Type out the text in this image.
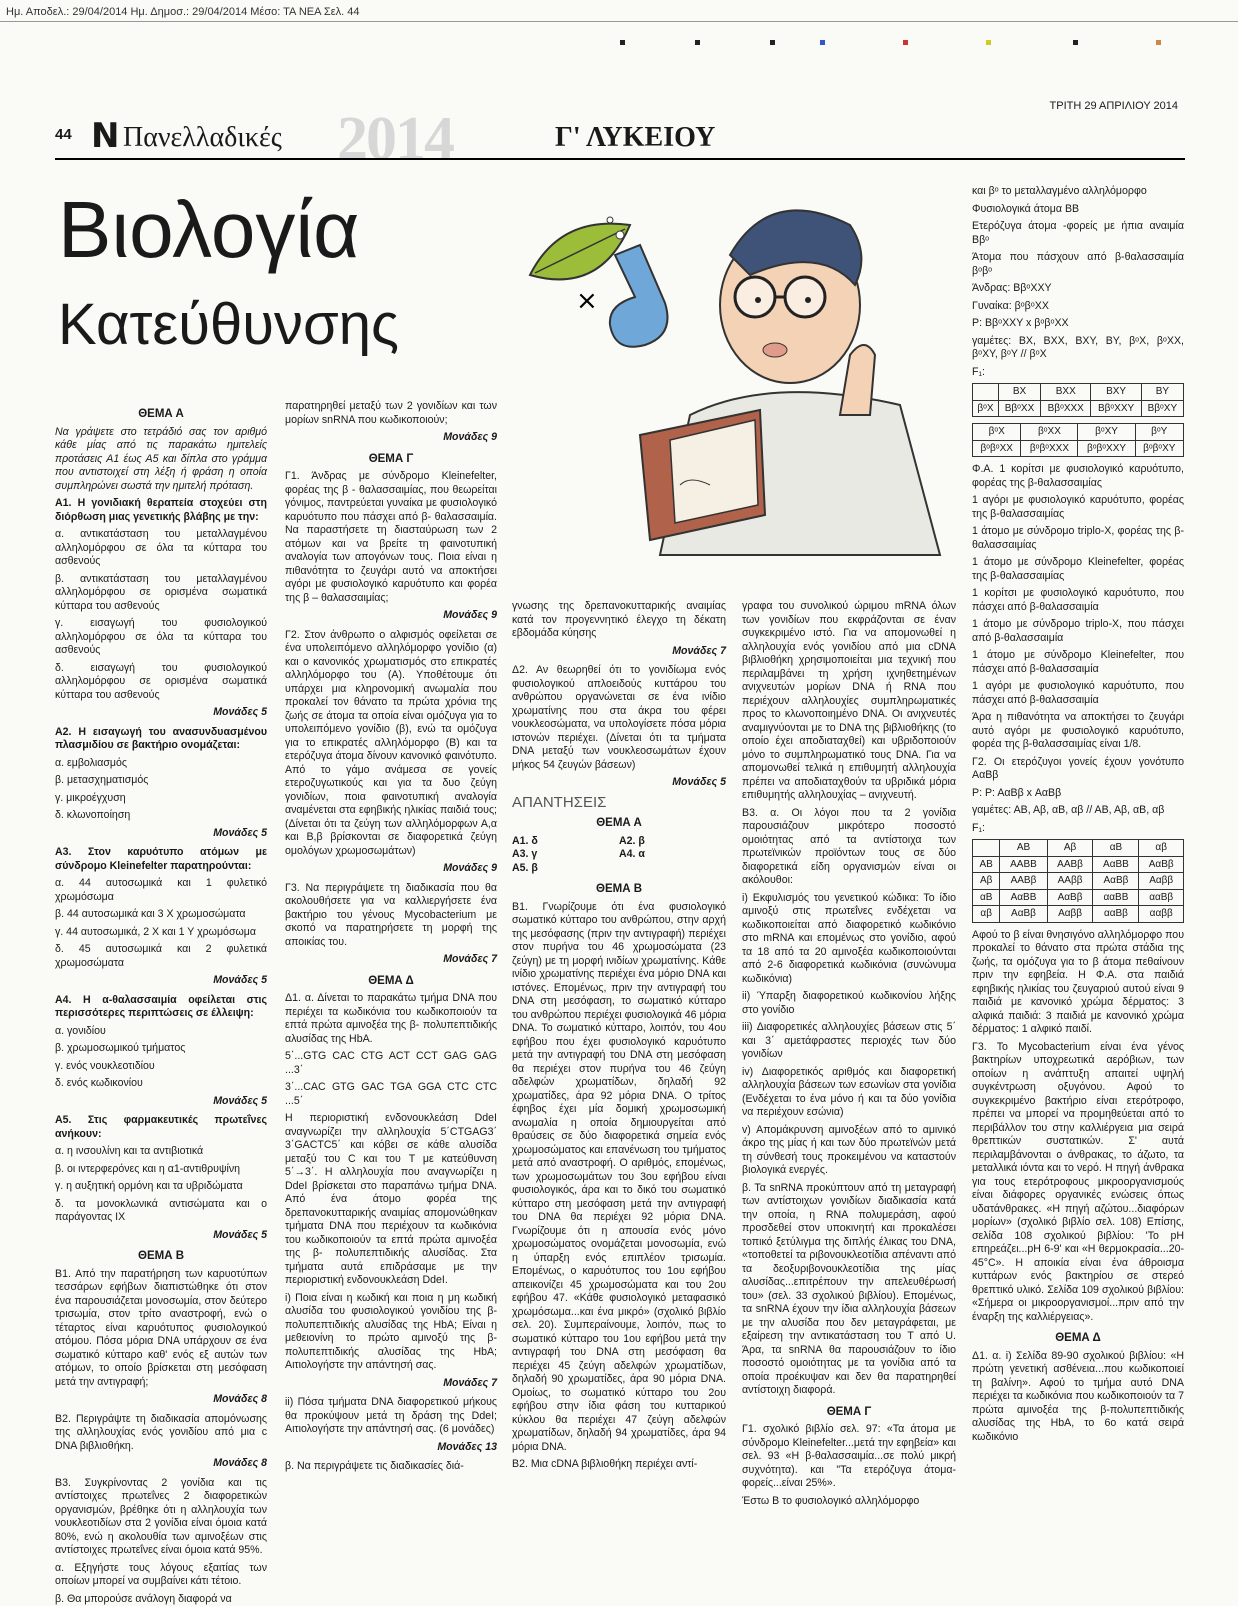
Ημ. Αποδελ.: 29/04/2014 Ημ. Δημοσ.: 29/04/2014 Μέσο: ΤΑ ΝΕΑ Σελ. 44
ΤΡΙΤΗ 29 ΑΠΡΙΛΙΟΥ 2014
44 Ν Πανελλαδικές 2014	Γ' ΛΥΚΕΙΟΥ
Βιολογία
Κατεύθυνσης	×
ΘΕΜΑ Α

Να γράψετε στο τετράδιό σας τον αριθμό κάθε μίας από τις παρακάτω ημιτελείς προτάσεις Α1 έως Α5 και δίπλα στο γράμμα που αντιστοιχεί στη λέξη ή φράση η οποία συμπληρώνει σωστά την ημιτελή πρόταση.

Α1. Η γονιδιακή θεραπεία στοχεύει στη διόρθωση μιας γενετικής βλάβης με την:

α. αντικατάσταση του μεταλλαγμένου αλληλομόρφου σε όλα τα κύτταρα του ασθενούς

β. αντικατάσταση του μεταλλαγμένου αλληλομόρφου σε ορισμένα σωματικά κύτταρα του ασθενούς

γ. εισαγωγή του φυσιολογικού αλληλομόρφου σε όλα τα κύτταρα του ασθενούς

δ. εισαγωγή του φυσιολογικού αλληλομόρφου σε ορισμένα σωματικά κύτταρα του ασθενούς

Μονάδες 5

Α2. Η εισαγωγή του ανασυνδυασμένου πλασμιδίου σε βακτήριο ονομάζεται:

α. εμβολιασμός

β. μετασχηματισμός

γ. μικροέγχυση

δ. κλωνοποίηση

Μονάδες 5

Α3. Στον καρυότυπο ατόμων με σύνδρομο Kleinefelter παρατηρούνται:

α. 44 αυτοσωμικά και 1 φυλετικό χρωμόσωμα

β. 44 αυτοσωμικά και 3 Χ χρωμοσώματα

γ. 44 αυτοσωμικά, 2 Χ και 1 Υ χρωμόσωμα

δ. 45 αυτοσωμικά και 2 φυλετικά χρωμοσώματα

Μονάδες 5

Α4. Η α-θαλασσαιμία οφείλεται στις περισσότερες περιπτώσεις σε έλλειψη:

α. γονιδίου

β. χρωμοσωμικού τμήματος

γ. ενός νουκλεοτιδίου

δ. ενός κωδικονίου

Μονάδες 5

Α5. Στις φαρμακευτικές πρωτεΐνες ανήκουν:

α. η ινσουλίνη και τα αντιβιοτικά

β. οι ιντερφερόνες και η α1-αντιθρυψίνη

γ. η αυξητική ορμόνη και τα υβριδώματα

δ. τα μονοκλωνικά αντισώματα και ο παράγοντας IX

Μονάδες 5

ΘΕΜΑ Β

Β1. Από την παρατήρηση των καρυοτύπων τεσσάρων εφήβων διαπιστώθηκε ότι στον ένα παρουσιάζεται μονοσωμία, στον δεύτερο τρισωμία, στον τρίτο αναστροφή, ενώ ο τέταρτος είναι καρυότυπος φυσιολογικού ατόμου. Πόσα μόρια DNA υπάρχουν σε ένα σωματικό κύτταρο καθ' ενός εξ αυτών των ατόμων, το οποίο βρίσκεται στη μεσόφαση μετά την αντιγραφή;

Μονάδες 8

Β2. Περιγράψτε τη διαδικασία απομόνωσης της αλληλουχίας ενός γονιδίου από μια c DNA βιβλιοθήκη.

Μονάδες 8

Β3. Συγκρίνοντας 2 γονίδια και τις αντίστοιχες πρωτεΐνες 2 διαφορετικών οργανισμών, βρέθηκε ότι η αλληλουχία των νουκλεοτιδίων στα 2 γονίδια είναι όμοια κατά 80%, ενώ η ακολουθία των αμινοξέων στις αντίστοιχες πρωτεΐνες είναι όμοια κατά 95%.

α. Εξηγήστε τους λόγους εξαιτίας των οποίων μπορεί να συμβαίνει κάτι τέτοιο.

β. Θα μπορούσε ανάλογη διαφορά να

παρατηρηθεί μεταξύ των 2 γονιδίων και των μορίων snRNA που κωδικοποιούν;

Μονάδες 9

ΘΕΜΑ Γ

Γ1. Άνδρας με σύνδρομο Kleinefelter, φορέας της β - θαλασσαιμίας, που θεωρείται γόνιμος, παντρεύεται γυναίκα με φυσιολογικό καρυότυπο που πάσχει από β- θαλασσαιμία. Να παραστήσετε τη διασταύρωση των 2 ατόμων και να βρείτε τη φαινοτυπική αναλογία των απογόνων τους. Ποια είναι η πιθανότητα το ζευγάρι αυτό να αποκτήσει αγόρι με φυσιολογικό καρυότυπο και φορέα της β – θαλασσαιμίας;

Μονάδες 9

Γ2. Στον άνθρωπο ο αλφισμός οφείλεται σε ένα υπολειπόμενο αλληλόμορφο γονίδιο (α) και ο κανονικός χρωματισμός στο επικρατές αλληλόμορφο του (Α). Υποθέτουμε ότι υπάρχει μια κληρονομική ανωμαλία που προκαλεί τον θάνατο τα πρώτα χρόνια της ζωής σε άτομα τα οποία είναι ομόζυγα για το υπολειπόμενο γονίδιο (β), ενώ τα ομόζυγα για το επικρατές αλληλόμορφο (Β) και τα ετερόζυγα άτομα δίνουν κανονικό φαινότυπο. Από το γάμο ανάμεσα σε γονείς ετεροζυγωτικούς και για τα δυο ζεύγη γονιδίων, ποια φαινοτυπική αναλογία αναμένεται στα εφηβικής ηλικίας παιδιά τους;(Δίνεται ότι τα ζεύγη των αλληλόμορφων Α,α και Β,β βρίσκονται σε διαφορετικά ζεύγη ομολόγων χρωμοσωμάτων)

Μονάδες 9

Γ3. Να περιγράψετε τη διαδικασία που θα ακολουθήσετε για να καλλιεργήσετε ένα βακτήριο του γένους Mycobacterium με σκοπό να παρατηρήσετε τη μορφή της αποικίας του.

Μονάδες 7

ΘΕΜΑ Δ

Δ1. α. Δίνεται το παρακάτω τμήμα DNA που περιέχει τα κωδικόνια του κωδικοποιούν τα επτά πρώτα αμινοξέα της β- πολυπεπτιδικής αλυσίδας της HbA.

5΄...GTG CAC CTG ACT CCT GAG GAG ...3΄

3΄...CAC GTG GAC TGA GGA CTC CTC ...5΄

Η περιοριστική ενδονουκλεάση DdeI αναγνωρίζει την αλληλουχία 5΄CTGAG3΄ 3΄GACTC5΄ και κόβει σε κάθε αλυσίδα μεταξύ του C και του T με κατεύθυνση 5΄→3΄. Η αλληλουχία που αναγνωρίζει η DdeI βρίσκεται στο παραπάνω τμήμα DNA. Από ένα άτομο φορέα της δρεπανοκυτταρικής αναιμίας απομονώθηκαν τμήματα DNA που περιέχουν τα κωδικόνια του κωδικοποιούν τα επτά πρώτα αμινοξέα της β- πολυπεπτιδικής αλυσίδας. Στα τμήματα αυτά επιδράσαμε με την περιοριστική ενδονουκλεάση DdeI.

i) Ποια είναι η κωδική και ποια η μη κωδική αλυσίδα του φυσιολογικού γονιδίου της β- πολυπεπτιδικής αλυσίδας της HbA; Είναι η μεθειονίνη το πρώτο αμινοξύ της β-πολυπεπτιδικής αλυσίδας της HbA; Αιτιολογήστε την απάντησή σας.

Μονάδες 7

ii) Πόσα τμήματα DNA διαφορετικού μήκους θα προκύψουν μετά τη δράση της DdeI; Αιτιολογήστε την απάντησή σας. (6 μονάδες)

Μονάδες 13

β. Να περιγράψετε τις διαδικασίες διά-

γνωσης της δρεπανοκυτταρικής αναιμίας κατά τον προγεννητικό έλεγχο τη δέκατη εβδομάδα κύησης

Μονάδες 7

Δ2. Αν θεωρηθεί ότι το γονιδίωμα ενός φυσιολογικού απλοειδούς κυττάρου του ανθρώπου οργανώνεται σε ένα ινίδιο χρωματίνης που στα άκρα του φέρει νουκλεοσώματα, να υπολογίσετε πόσα μόρια ιστονών περιέχει. (Δίνεται ότι τα τμήματα DNA μεταξύ των νουκλεοσωμάτων έχουν μήκος 54 ζευγών βάσεων)

Μονάδες 5

ΑΠΑΝΤΗΣΕΙΣ
ΘΕΜΑ Α
Α1. δ	Α2. β
Α3. γ	Α4. α
Α5. β
ΘΕΜΑ Β

Β1. Γνωρίζουμε ότι ένα φυσιολογικό σωματικό κύτταρο του ανθρώπου, στην αρχή της μεσόφασης (πριν την αντιγραφή) περιέχει στον πυρήνα του 46 χρωμοσώματα (23 ζεύγη) με τη μορφή ινιδίων χρωματίνης. Κάθε ινίδιο χρωματίνης περιέχει ένα μόριο DNA και ιστόνες. Επομένως, πριν την αντιγραφή του DNA στη μεσόφαση, το σωματικό κύτταρο του ανθρώπου περιέχει φυσιολογικά 46 μόρια DNA. Το σωματικό κύτταρο, λοιπόν, του 4ου εφήβου που έχει φυσιολογικό καρυότυπο μετά την αντιγραφή του DNA στη μεσόφαση θα περιέχει στον πυρήνα του 46 ζεύγη αδελφών χρωματίδων, δηλαδή 92 χρωματίδες, άρα 92 μόρια DNA. Ο τρίτος έφηβος έχει μία δομική χρωμοσωμική ανωμαλία η οποία δημιουργείται από θραύσεις σε δύο διαφορετικά σημεία ενός χρωμοσώματος και επανένωση του τμήματος μετά από αναστροφή. Ο αριθμός, επομένως, των χρωμοσωμάτων του 3ου εφήβου είναι φυσιολογικός, άρα και το δικό του σωματικό κύτταρο στη μεσόφαση μετά την αντιγραφή του DNA θα περιέχει 92 μόρια DNA. Γνωρίζουμε ότι η απουσία ενός μόνο χρωμοσώματος ονομάζεται μονοσωμία, ενώ η ύπαρξη ενός επιπλέον τρισωμία. Επομένως, ο καρυότυπος του 1ου εφήβου απεικονίζει 45 χρωμοσώματα και του 2ου εφήβου 47. «Κάθε φυσιολογικό μεταφασικό χρωμόσωμα...και ένα μικρό» (σχολικό βιβλίο σελ. 20). Συμπεραίνουμε, λοιπόν, πως το σωματικό κύτταρο του 1ου εφήβου μετά την αντιγραφή του DNA στη μεσόφαση θα περιέχει 45 ζεύγη αδελφών χρωματίδων, δηλαδή 90 χρωματίδες, άρα 90 μόρια DNA. Ομοίως, το σωματικό κύτταρο του 2ου εφήβου στην ίδια φάση του κυτταρικού κύκλου θα περιέχει 47 ζεύγη αδελφών χρωματίδων, δηλαδή 94 χρωματίδες, άρα 94 μόρια DNA.

Β2. Μια cDNA βιβλιοθήκη περιέχει αντί-

γραφα του συνολικού ώριμου mRNA όλων των γονιδίων που εκφράζονται σε έναν συγκεκριμένο ιστό. Για να απομονωθεί η αλληλουχία ενός γονιδίου από μια cDNA βιβλιοθήκη χρησιμοποιείται μια τεχνική που περιλαμβάνει τη χρήση ιχνηθετημένων ανιχνευτών μορίων DNA ή RNA που περιέχουν αλληλουχίες συμπληρωματικές προς το κλωνοποιημένο DNA. Οι ανιχνευτές αναμιγνύονται με το DNA της βιβλιοθήκης (το οποίο έχει αποδιαταχθεί) και υβριδοποιούν μόνο το συμπληρωματικό τους DNA. Για να απομονωθεί τελικά η επιθυμητή αλληλουχία πρέπει να αποδιαταχθούν τα υβριδικά μόρια επιθυμητής αλληλουχίας – ανιχνευτή.

Β3. α. Οι λόγοι που τα 2 γονίδια παρουσιάζουν μικρότερο ποσοστό ομοιότητας από τα αντίστοιχα των πρωτεϊνικών προϊόντων τους σε δύο διαφορετικά είδη οργανισμών είναι οι ακόλουθοι:

i) Εκφυλισμός του γενετικού κώδικα: Το ίδιο αμινοξύ στις πρωτεΐνες ενδέχεται να κωδικοποιείται από διαφορετικό κωδικόνιο στο mRNA και επομένως στο γονίδιο, αφού τα 18 από τα 20 αμινοξέα κωδικοποιούνται από 2-6 διαφορετικά κωδικόνια (συνώνυμα κωδικόνια)

ii) Ύπαρξη διαφορετικού κωδικονίου λήξης στο γονίδιο

iii) Διαφορετικές αλληλουχίες βάσεων στις 5΄ και 3΄ αμετάφραστες περιοχές των δύο γονιδίων

iv) Διαφορετικός αριθμός και διαφορετική αλληλουχία βάσεων των εσωνίων στα γονίδια (Ενδέχεται το ένα μόνο ή και τα δύο γονίδια να περιέχουν εσώνια)

v) Απομάκρυνση αμινοξέων από το αμινικό άκρο της μίας ή και των δύο πρωτεϊνών μετά τη σύνθεσή τους προκειμένου να καταστούν βιολογικά ενεργές.

β. Τα snRNA προκύπτουν από τη μεταγραφή των αντίστοιχων γονιδίων διαδικασία κατά την οποία, η RNA πολυμεράση, αφού προσδεθεί στον υποκινητή και προκαλέσει τοπικό ξετύλιγμα της διπλής έλικας του DNA, «τοποθετεί τα ριβονουκλεοτίδια απέναντι από τα δεοξυριβονουκλεοτίδια της μίας αλυσίδας...επιτρέπουν την απελευθέρωσή του» (σελ. 33 σχολικού βιβλίου). Επομένως, τα snRNA έχουν την ίδια αλληλουχία βάσεων με την αλυσίδα που δεν μεταγράφεται, με εξαίρεση την αντικατάσταση του T από U. Άρα, τα snRNA θα παρουσιάζουν το ίδιο ποσοστό ομοιότητας με τα γονίδια από τα οποία προέκυψαν και δεν θα παρατηρηθεί αντίστοιχη διαφορά.

ΘΕΜΑ Γ

Γ1. σχολικό βιβλίο σελ. 97: «Τα άτομα με σύνδρομο Kleinefelter...μετά την εφηβεία» και σελ. 93 «Η β-θαλασσαιμία...σε πολύ μικρή συχνότητα). και "Τα ετερόζυγα άτομα-φορείς...είναι 25%».

Έστω Β το φυσιολογικό αλληλόμορφο

και βᵒ το μεταλλαγμένο αλληλόμορφο

Φυσιολογικά άτομα ΒΒ

Ετερόζυγα άτομα -φορείς με ήπια αναιμία Ββᵒ

Άτομα που πάσχουν από β-θαλασσαιμία βᵒβᵒ

Άνδρας: ΒβᵒΧΧΥ

Γυναίκα: βᵒβᵒΧΧ

Ρ: ΒβᵒΧΧΥ x βᵒβᵒΧΧ

γαμέτες: ΒΧ, ΒΧΧ, ΒΧΥ, ΒΥ, βᵒΧ, βᵒΧΧ, βᵒΧΥ, βᵒΥ // βᵒΧ

F₁:

	ΒΧ	ΒΧΧ	ΒΧΥ	ΒΥ
βᵒΧ	ΒβᵒΧΧ	ΒβᵒΧΧΧ	ΒβᵒΧΧΥ	ΒβᵒΧΥ
βᵒΧ	βᵒΧΧ	βᵒΧΥ	βᵒΥ
βᵒβᵒΧΧ	βᵒβᵒΧΧΧ	βᵒβᵒΧΧΥ	βᵒβᵒΧΥ

Φ.Α. 1 κορίτσι με φυσιολογικό καρυότυπο, φορέας της β-θαλασσαιμίας

1 αγόρι με φυσιολογικό καρυότυπο, φορέας της β-θαλασσαιμίας

1 άτομο με σύνδρομο triplo-X, φορέας της β-θαλασσαιμίας

1 άτομο με σύνδρομο Kleinefelter, φορέας της β-θαλασσαιμίας

1 κορίτσι με φυσιολογικό καρυότυπο, που πάσχει από β-θαλασσαιμία

1 άτομο με σύνδρομο triplo-X, που πάσχει από β-θαλασσαιμία

1 άτομο με σύνδρομο Kleinefelter, που πάσχει από β-θαλασσαιμία

1 αγόρι με φυσιολογικό καρυότυπο, που πάσχει από β-θαλασσαιμία

Άρα η πιθανότητα να αποκτήσει το ζευγάρι αυτό αγόρι με φυσιολογικό καρυότυπο, φορέα της β-θαλασσαιμίας είναι 1/8.

Γ2. Οι ετερόζυγοι γονείς έχουν γονότυπο ΑαΒβ

Ρ: Ρ: ΑαΒβ x ΑαΒβ

γαμέτες: ΑΒ, Αβ, αΒ, αβ // ΑΒ, Αβ, αΒ, αβ

F₁:

	ΑΒ	Αβ	αΒ	αβ
ΑΒ	ΑΑΒΒ	ΑΑΒβ	ΑαΒΒ	ΑαΒβ
Αβ	ΑΑΒβ	ΑΑββ	ΑαΒβ	Ααββ
αΒ	ΑαΒΒ	ΑαΒβ	ααΒΒ	ααΒβ
αβ	ΑαΒβ	Ααββ	ααΒβ	ααββ

Αφού το β είναι θνησιγόνο αλληλόμορφο που προκαλεί το θάνατο στα πρώτα στάδια της ζωής, τα ομόζυγα για το β άτομα πεθαίνουν πριν την εφηβεία. Η Φ.Α. στα παιδιά εφηβικής ηλικίας του ζευγαριού αυτού είναι 9 παιδιά με κανονικό χρώμα δέρματος: 3 αλφικά παιδιά: 3 παιδιά με κανονικό χρώμα δέρματος: 1 αλφικό παιδί.

Γ3. Το Mycobacterium είναι ένα γένος βακτηρίων υποχρεωτικά αερόβιων, των οποίων η ανάπτυξη απαιτεί υψηλή συγκέντρωση οξυγόνου. Αφού το συγκεκριμένο βακτήριο είναι ετερότροφο, πρέπει να μπορεί να προμηθεύεται από το περιβάλλον του στην καλλιέργεια μια σειρά θρεπτικών συστατικών. Σ' αυτά περιλαμβάνονται ο άνθρακας, το άζωτο, τα μεταλλικά ιόντα και το νερό. Η πηγή άνθρακα για τους ετερότροφους μικροοργανισμούς είναι διάφορες οργανικές ενώσεις όπως υδατάνθρακες. «Η πηγή αζώτου...διαφόρων μορίων» (σχολικό βιβλίο σελ. 108) Επίσης, σελίδα 108 σχολικού βιβλίου: 'Το pH επηρεάζει...pH 6-9' και «Η θερμοκρασία...20-45°C». Η αποικία είναι ένα άθροισμα κυττάρων ενός βακτηρίου σε στερεό θρεπτικό υλικό. Σελίδα 109 σχολικού βιβλίου: «Σήμερα οι μικροοργανισμοί...πριν από την έναρξη της καλλιέργειας».

ΘΕΜΑ Δ

Δ1. α. i) Σελίδα 89-90 σχολικού βιβλίου: «Η πρώτη γενετική ασθένεια...που κωδικοποιεί τη βαλίνη». Αφού το τμήμα αυτό DNA περιέχει τα κωδικόνια που κωδικοποιούν τα 7 πρώτα αμινοξέα της β-πολυπεπτιδικής αλυσίδας της HbA, το 6ο κατά σειρά κωδικόνιο
